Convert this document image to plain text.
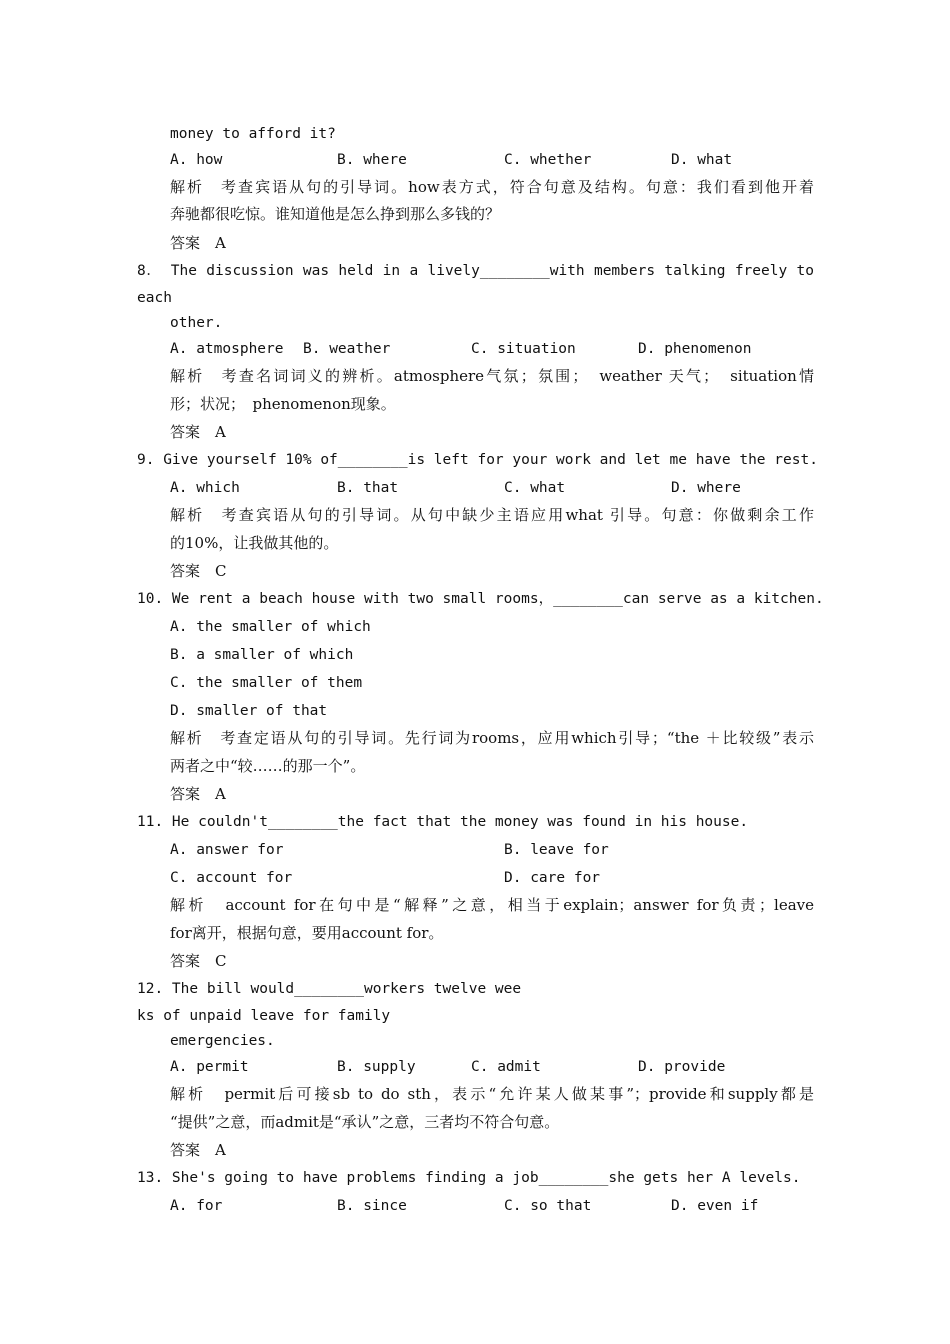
money to afford it?
A. how	B. where	C. whether	D. what
解析　考查宾语从句的引导词。how表方式，符合句意及结构。句意：我们看到他开着
奔驰都很吃惊。谁知道他是怎么挣到那么多钱的？
答案　A
8． The discussion was held in a lively________with members talking freely to
each
other.
A. atmosphere B. weather	C. situation	D. phenomenon
解析　考查名词词义的辨析。atmosphere气氛；氛围；　weather 天气；　situation情
形；状况；　phenomenon现象。
答案　A
9. Give yourself 10% of________is left for your work and let me have the rest.
A. which	B. that	C. what	D. where
解析　考查宾语从句的引导词。从句中缺少主语应用what 引导。句意：你做剩余工作
的10%，让我做其他的。
答案　C
10. We rent a beach house with two small rooms，________can serve as a kitchen.
A. the smaller of which
B. a smaller of which
C. the smaller of them
D. smaller of that
解析　考查定语从句的引导词。先行词为rooms，应用which引导；“the ＋比较级”表示
两者之中“较……的那一个”。
答案　A
11. He couldn't________the fact that the money was found in his house.
A. answer for	B. leave for
C. account for	D. care for
解析　account for在句中是“解释”之意，相当于explain；answer for负责；leave
for离开，根据句意，要用account for。
答案　C
12. The bill would________workers twelve wee
ks of unpaid leave for family
emergencies.
A. permit	B. supply	C. admit	D. provide
解析　permit后可接sb to do sth，表示“允许某人做某事”；provide和supply都是
“提供”之意，而admit是“承认”之意，三者均不符合句意。
答案　A
13. She's going to have problems finding a job________she gets her A levels.
A. for	B. since	C. so that	D. even if
